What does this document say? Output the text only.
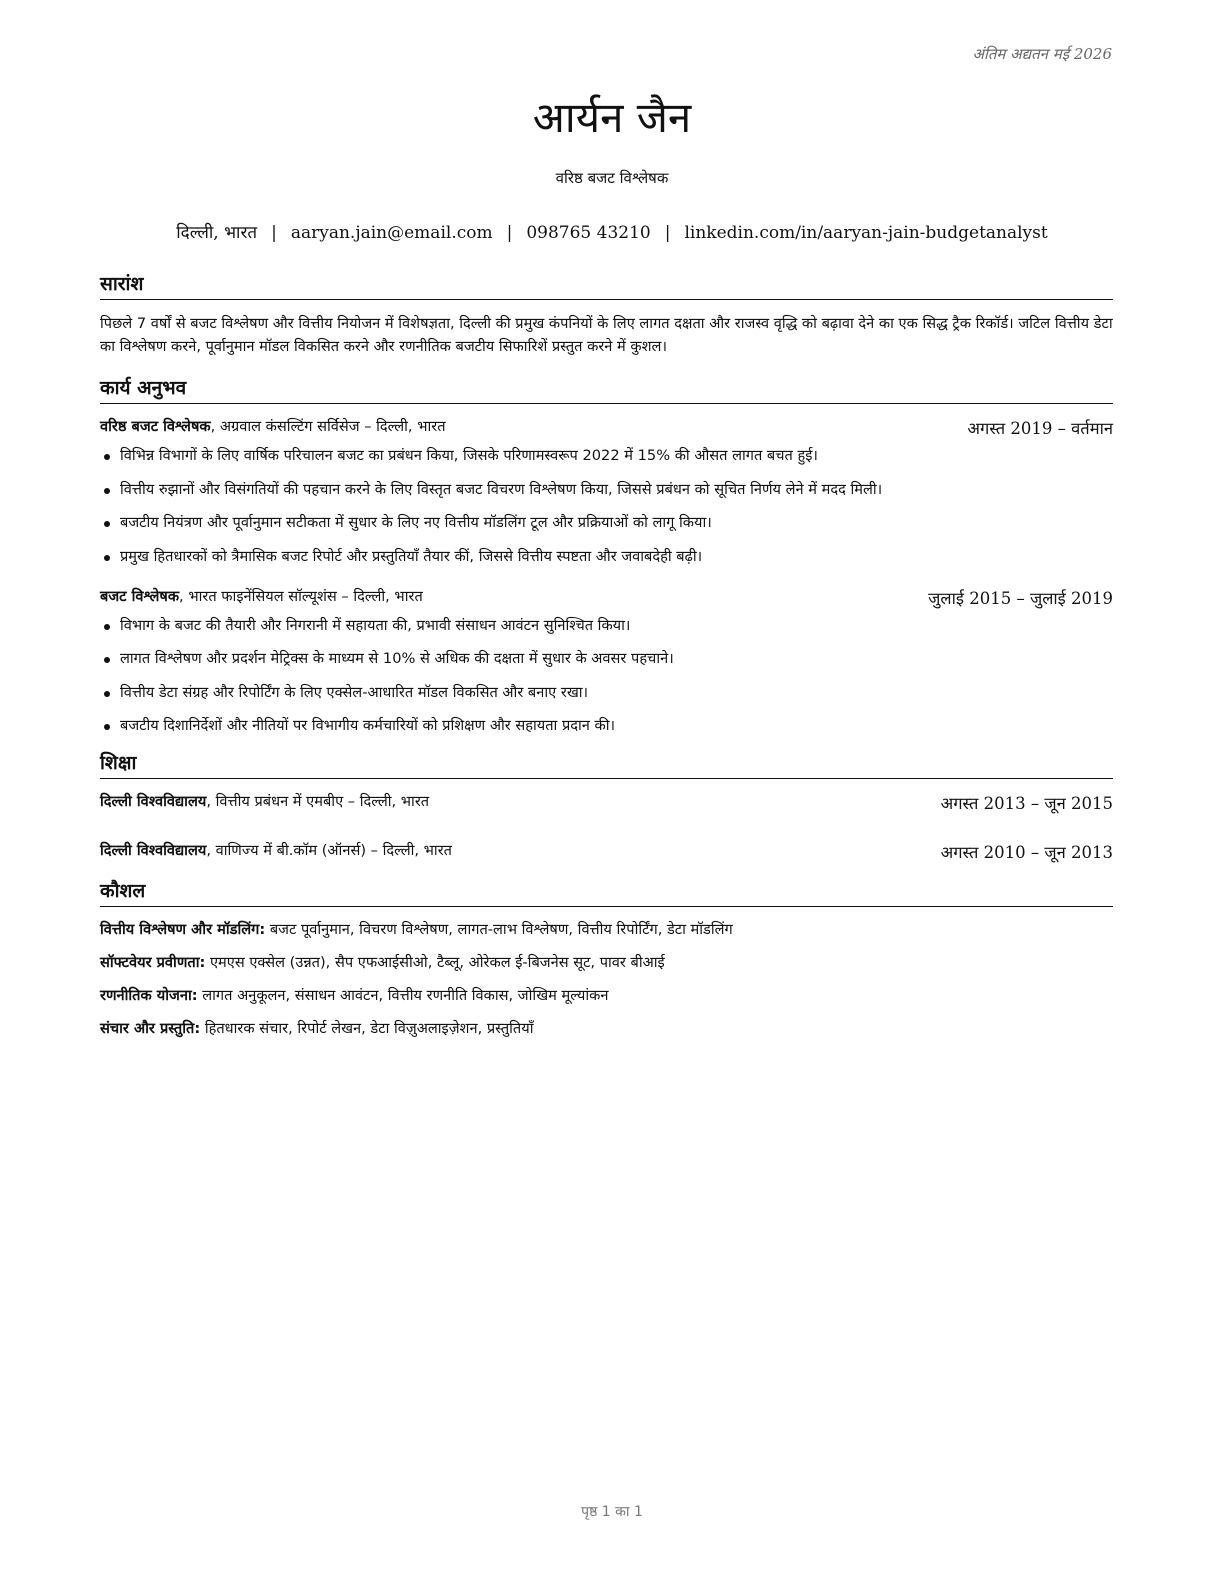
अंतिम अद्यतन मई 2026
आर्यन जैन
वरिष्ठ बजट विश्लेषक
दिल्ली, भारत | aaryan.jain@email.com | 098765 43210 | linkedin.com/in/aaryan-jain-budgetanalyst
सारांश

पिछले 7 वर्षों से बजट विश्लेषण और वित्तीय नियोजन में विशेषज्ञता, दिल्ली की प्रमुख कंपनियों के लिए लागत दक्षता और राजस्व वृद्धि को बढ़ावा देने का एक सिद्ध ट्रैक रिकॉर्ड। जटिल वित्तीय डेटा का विश्लेषण करने, पूर्वानुमान मॉडल विकसित करने और रणनीतिक बजटीय सिफारिशें प्रस्तुत करने में कुशल।

कार्य अनुभव
वरिष्ठ बजट विश्लेषक, अग्रवाल कंसल्टिंग सर्विसेज – दिल्ली, भारत	अगस्त 2019 – वर्तमान
विभिन्न विभागों के लिए वार्षिक परिचालन बजट का प्रबंधन किया, जिसके परिणामस्वरूप 2022 में 15% की औसत लागत बचत हुई।
वित्तीय रुझानों और विसंगतियों की पहचान करने के लिए विस्तृत बजट विचरण विश्लेषण किया, जिससे प्रबंधन को सूचित निर्णय लेने में मदद मिली।
बजटीय नियंत्रण और पूर्वानुमान सटीकता में सुधार के लिए नए वित्तीय मॉडलिंग टूल और प्रक्रियाओं को लागू किया।
प्रमुख हितधारकों को त्रैमासिक बजट रिपोर्ट और प्रस्तुतियाँ तैयार कीं, जिससे वित्तीय स्पष्टता और जवाबदेही बढ़ी।
बजट विश्लेषक, भारत फाइनेंसियल सॉल्यूशंस – दिल्ली, भारत	जुलाई 2015 – जुलाई 2019
विभाग के बजट की तैयारी और निगरानी में सहायता की, प्रभावी संसाधन आवंटन सुनिश्चित किया।
लागत विश्लेषण और प्रदर्शन मेट्रिक्स के माध्यम से 10% से अधिक की दक्षता में सुधार के अवसर पहचाने।
वित्तीय डेटा संग्रह और रिपोर्टिंग के लिए एक्सेल-आधारित मॉडल विकसित और बनाए रखा।
बजटीय दिशानिर्देशों और नीतियों पर विभागीय कर्मचारियों को प्रशिक्षण और सहायता प्रदान की।
शिक्षा
दिल्ली विश्वविद्यालय, वित्तीय प्रबंधन में एमबीए – दिल्ली, भारत	अगस्त 2013 – जून 2015
दिल्ली विश्वविद्यालय, वाणिज्य में बी.कॉम (ऑनर्स) – दिल्ली, भारत	अगस्त 2010 – जून 2013
कौशल
वित्तीय विश्लेषण और मॉडलिंग: बजट पूर्वानुमान, विचरण विश्लेषण, लागत-लाभ विश्लेषण, वित्तीय रिपोर्टिंग, डेटा मॉडलिंग
सॉफ्टवेयर प्रवीणता: एमएस एक्सेल (उन्नत), सैप एफआईसीओ, टैब्लू, ओरेकल ई-बिजनेस सूट, पावर बीआई
रणनीतिक योजना: लागत अनुकूलन, संसाधन आवंटन, वित्तीय रणनीति विकास, जोखिम मूल्यांकन
संचार और प्रस्तुति: हितधारक संचार, रिपोर्ट लेखन, डेटा विज़ुअलाइज़ेशन, प्रस्तुतियाँ
पृष्ठ 1 का 1
